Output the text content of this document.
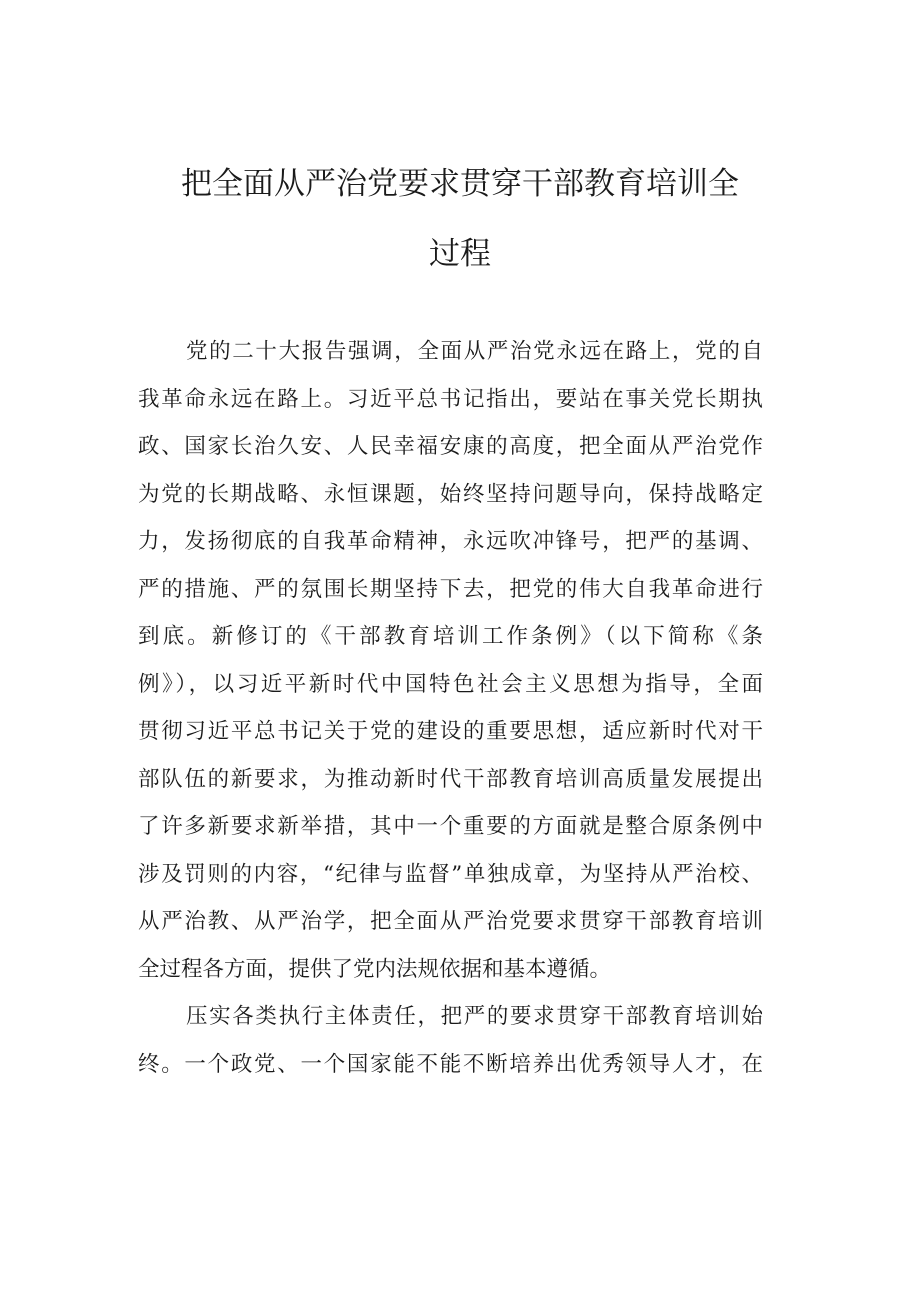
把全面从严治党要求贯穿干部教育培训全
过程
党的二十大报告强调，全面从严治党永远在路上，党的自
我革命永远在路上。习近平总书记指出，要站在事关党长期执
政、国家长治久安、人民幸福安康的高度，把全面从严治党作
为党的长期战略、永恒课题，始终坚持问题导向，保持战略定
力，发扬彻底的自我革命精神，永远吹冲锋号，把严的基调、
严的措施、严的氛围长期坚持下去，把党的伟大自我革命进行
到底。新修订的《干部教育培训工作条例》（以下简称《条
例》），以习近平新时代中国特色社会主义思想为指导，全面
贯彻习近平总书记关于党的建设的重要思想，适应新时代对干
部队伍的新要求，为推动新时代干部教育培训高质量发展提出
了许多新要求新举措，其中一个重要的方面就是整合原条例中
涉及罚则的内容，“纪律与监督”单独成章，为坚持从严治校、
从严治教、从严治学，把全面从严治党要求贯穿干部教育培训
全过程各方面，提供了党内法规依据和基本遵循。
压实各类执行主体责任，把严的要求贯穿干部教育培训始
终。一个政党、一个国家能不能不断培养出优秀领导人才，在
